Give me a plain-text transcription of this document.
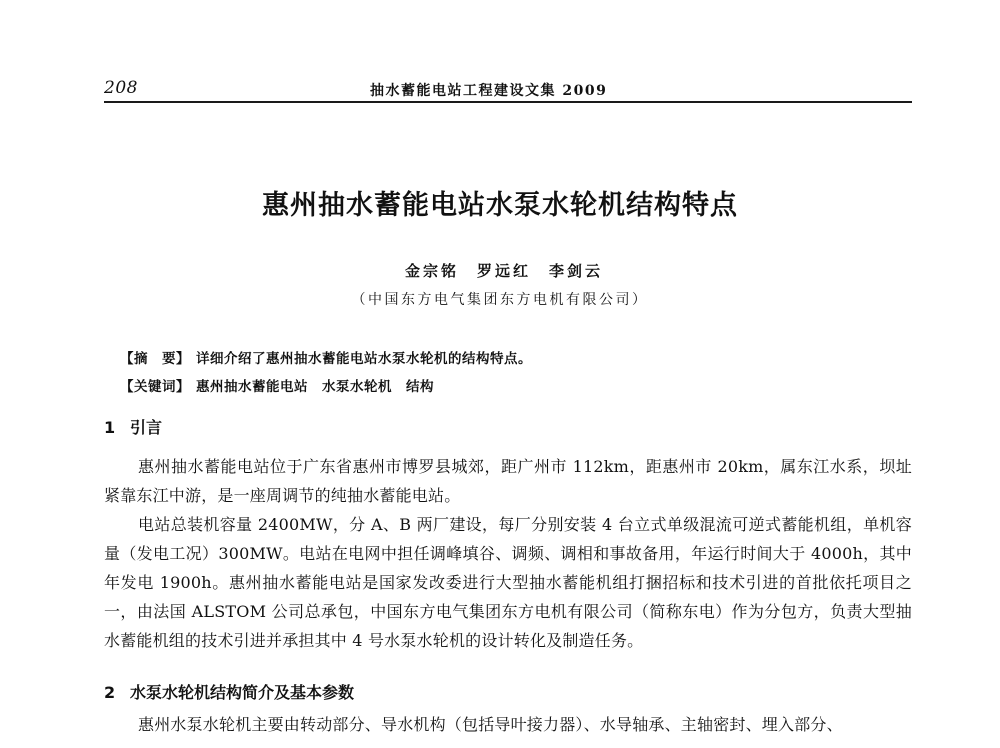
208	抽水蓄能电站工程建设文集 2009
惠州抽水蓄能电站水泵水轮机结构特点
金宗铭　罗远红　李剑云
（中国东方电气集团东方电机有限公司）
【摘　要】 详细介绍了惠州抽水蓄能电站水泵水轮机的结构特点。
【关键词】 惠州抽水蓄能电站　水泵水轮机　结构
1 引言
惠州抽水蓄能电站位于广东省惠州市博罗县城郊，距广州市 112km，距惠州市 20km，属东江水系，坝址紧靠东江中游，是一座周调节的纯抽水蓄能电站。
电站总装机容量 2400MW，分 A、B 两厂建设，每厂分别安装 4 台立式单级混流可逆式蓄能机组，单机容量（发电工况）300MW。电站在电网中担任调峰填谷、调频、调相和事故备用，年运行时间大于 4000h，其中年发电 1900h。惠州抽水蓄能电站是国家发改委进行大型抽水蓄能机组打捆招标和技术引进的首批依托项目之一，由法国 ALSTOM 公司总承包，中国东方电气集团东方电机有限公司（简称东电）作为分包方，负责大型抽水蓄能机组的技术引进并承担其中 4 号水泵水轮机的设计转化及制造任务。
2 水泵水轮机结构简介及基本参数
惠州水泵水轮机主要由转动部分、导水机构（包括导叶接力器）、水导轴承、主轴密封、埋入部分、
